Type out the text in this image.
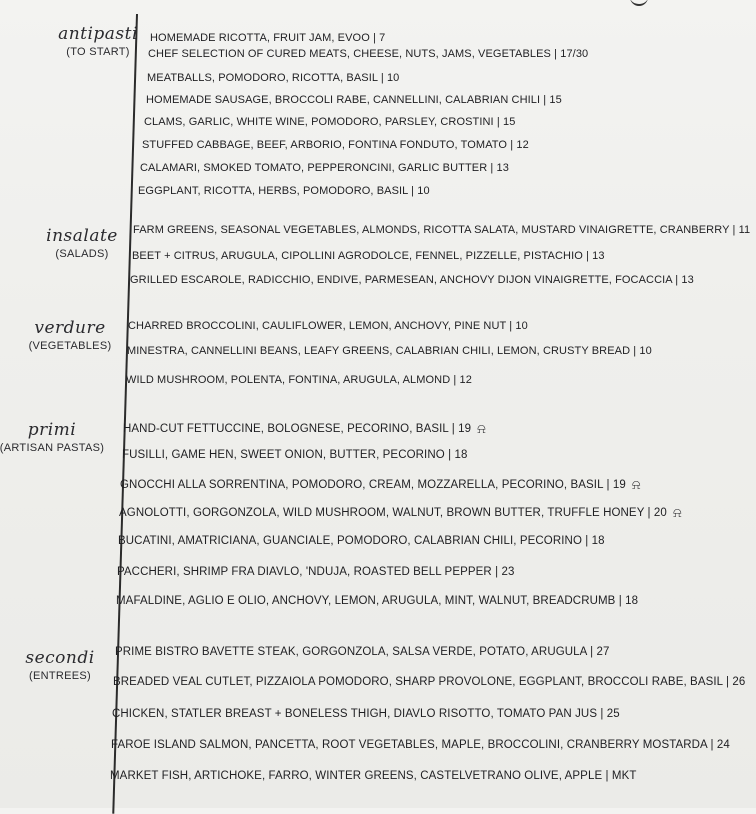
antipasti
(TO START)
insalate
(SALADS)
verdure
(VEGETABLES)
primi
(ARTISAN PASTAS)
secondi
(ENTREES)
HOMEMADE RICOTTA, FRUIT JAM, EVOO | 7
CHEF SELECTION OF CURED MEATS, CHEESE, NUTS, JAMS, VEGETABLES | 17/30
MEATBALLS, POMODORO, RICOTTA, BASIL | 10
HOMEMADE SAUSAGE, BROCCOLI RABE, CANNELLINI, CALABRIAN CHILI | 15
CLAMS, GARLIC, WHITE WINE, POMODORO, PARSLEY, CROSTINI | 15
STUFFED CABBAGE, BEEF, ARBORIO, FONTINA FONDUTO, TOMATO | 12
CALAMARI, SMOKED TOMATO, PEPPERONCINI, GARLIC BUTTER | 13
EGGPLANT, RICOTTA, HERBS, POMODORO, BASIL | 10
FARM GREENS, SEASONAL VEGETABLES, ALMONDS, RICOTTA SALATA, MUSTARD VINAIGRETTE, CRANBERRY | 11
BEET + CITRUS, ARUGULA, CIPOLLINI AGRODOLCE, FENNEL, PIZZELLE, PISTACHIO | 13
GRILLED ESCAROLE, RADICCHIO, ENDIVE, PARMESEAN, ANCHOVY DIJON VINAIGRETTE, FOCACCIA | 13
CHARRED BROCCOLINI, CAULIFLOWER, LEMON, ANCHOVY, PINE NUT | 10
MINESTRA, CANNELLINI BEANS, LEAFY GREENS, CALABRIAN CHILI, LEMON, CRUSTY BREAD | 10
WILD MUSHROOM, POLENTA, FONTINA, ARUGULA, ALMOND | 12
HAND-CUT FETTUCCINE, BOLOGNESE, PECORINO, BASIL | 19 ⍾
FUSILLI, GAME HEN, SWEET ONION, BUTTER, PECORINO | 18
GNOCCHI ALLA SORRENTINA, POMODORO, CREAM, MOZZARELLA, PECORINO, BASIL | 19 ⍾
AGNOLOTTI, GORGONZOLA, WILD MUSHROOM, WALNUT, BROWN BUTTER, TRUFFLE HONEY | 20 ⍾
BUCATINI, AMATRICIANA, GUANCIALE, POMODORO, CALABRIAN CHILI, PECORINO | 18
PACCHERI, SHRIMP FRA DIAVLO, 'NDUJA, ROASTED BELL PEPPER | 23
MAFALDINE, AGLIO E OLIO, ANCHOVY, LEMON, ARUGULA, MINT, WALNUT, BREADCRUMB | 18
PRIME BISTRO BAVETTE STEAK, GORGONZOLA, SALSA VERDE, POTATO, ARUGULA | 27
BREADED VEAL CUTLET, PIZZAIOLA POMODORO, SHARP PROVOLONE, EGGPLANT, BROCCOLI RABE, BASIL | 26
CHICKEN, STATLER BREAST + BONELESS THIGH, DIAVLO RISOTTO, TOMATO PAN JUS | 25
FAROE ISLAND SALMON, PANCETTA, ROOT VEGETABLES, MAPLE, BROCCOLINI, CRANBERRY MOSTARDA | 24
MARKET FISH, ARTICHOKE, FARRO, WINTER GREENS, CASTELVETRANO OLIVE, APPLE | MKT
